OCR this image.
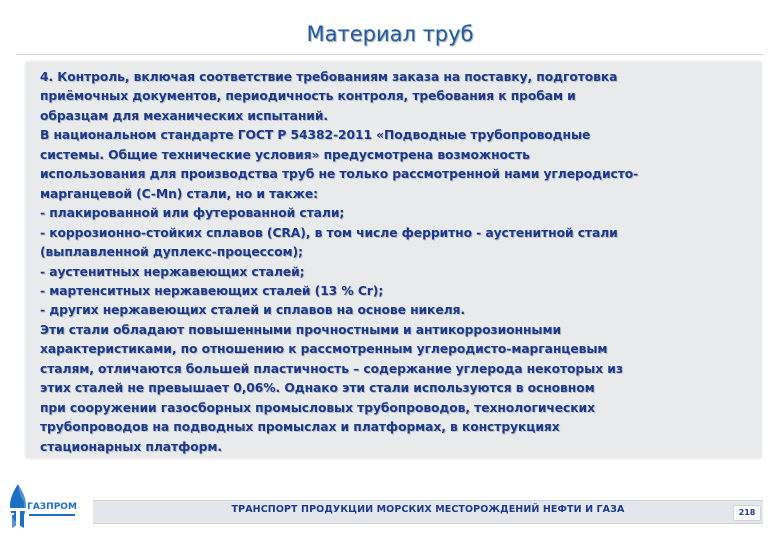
Материал труб
4. Контроль, включая соответствие требованиям заказа на поставку, подготовка
приёмочных документов, периодичность контроля, требования к пробам и
образцам для механических испытаний.
В национальном стандарте ГОСТ Р 54382-2011 «Подводные трубопроводные
системы. Общие технические условия» предусмотрена возможность
использования для производства труб не только рассмотренной нами углеродисто-
марганцевой (C-Mn) стали, но и также:
- плакированной или футерованной стали;
- коррозионно-стойких сплавов (CRA), в том числе ферритно - аустенитной стали
(выплавленной дуплекс-процессом);
- аустенитных нержавеющих сталей;
- мартенситных нержавеющих сталей (13 % Cr);
- других нержавеющих сталей и сплавов на основе никеля.
Эти стали обладают повышенными прочностными и антикоррозионными
характеристиками, по отношению к рассмотренным углеродисто-марганцевым
сталям, отличаются большей пластичность – содержание углерода некоторых из
этих сталей не превышает 0,06%. Однако эти стали используются в основном
при сооружении газосборных промысловых трубопроводов, технологических
трубопроводов на подводных промыслах и платформах, в конструкциях
стационарных платформ.
ГАЗПРОМ	ТРАНСПОРТ ПРОДУКЦИИ МОРСКИХ МЕСТОРОЖДЕНИЙ НЕФТИ И ГАЗА	218
